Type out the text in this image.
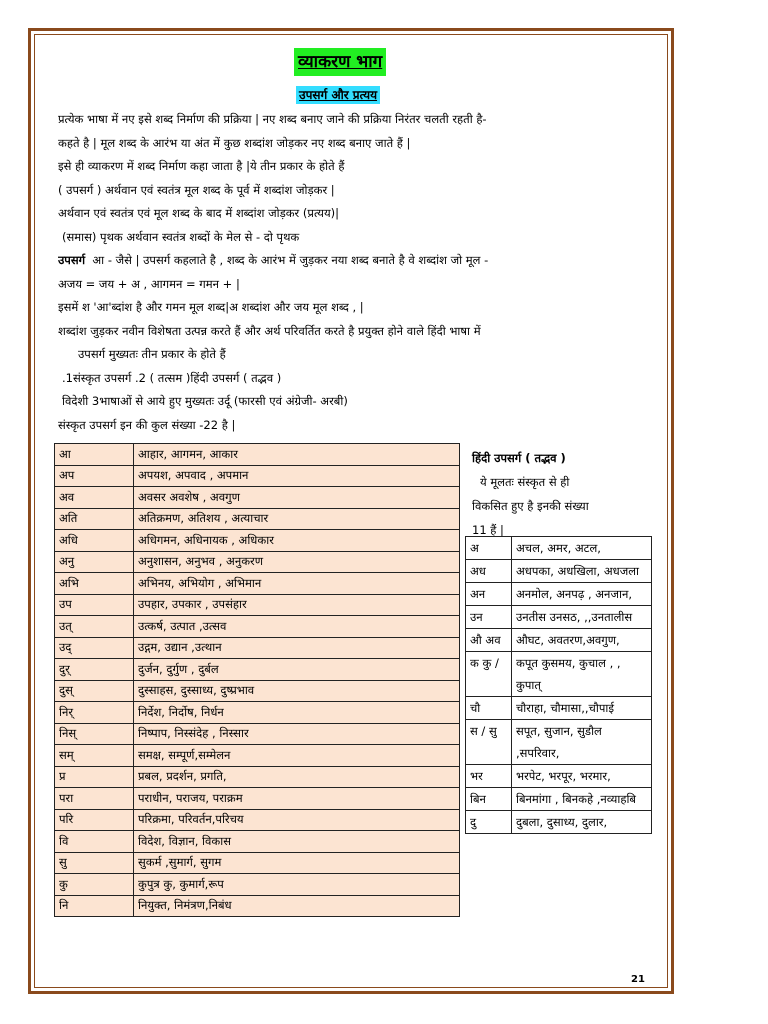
व्याकरण भाग
उपसर्ग और प्रत्यय
प्रत्येक भाषा में नए इसे शब्द निर्माण की प्रक्रिया | नए शब्द बनाए जाने की प्रक्रिया निरंतर चलती रहती है-
कहते है | मूल शब्द के आरंभ या अंत में कुछ शब्दांश जोड़कर नए शब्द बनाए जाते हैं |
इसे ही व्याकरण में शब्द निर्माण कहा जाता है |ये तीन प्रकार के होते हैं
( उपसर्ग ) अर्थवान एवं स्वतंत्र मूल शब्द के पूर्व में शब्दांश जोड़कर |
अर्थवान एवं स्वतंत्र एवं मूल शब्द के बाद में शब्दांश जोड़कर (प्रत्यय)|
(समास) पृथक अर्थवान स्वतंत्र शब्दों के मेल से - दो पृथक
उपसर्ग आ - जैसे | उपसर्ग कहलाते है , शब्द के आरंभ में जुड़कर नया शब्द बनाते है वे शब्दांश जो मूल -
अजय = जय + अ , आगमन = गमन + |
इसमें श 'आ'ब्दांश है और गमन मूल शब्द|अ शब्दांश और जय मूल शब्द , |
शब्दांश जुड़कर नवीन विशेषता उत्पन्न करते हैं और अर्थ परिवर्तित करते है प्रयुक्त होने वाले हिंदी भाषा में
उपसर्ग मुख्यतः तीन प्रकार के होते हैं
.1संस्कृत उपसर्ग .2 ( तत्सम )हिंदी उपसर्ग ( तद्भव )
विदेशी 3भाषाओं से आये हुए मुख्यतः उर्दू (फारसी एवं अंग्रेजी- अरबी)
संस्कृत उपसर्ग इन की कुल संख्या -22 है |
आ	आहार, आगमन, आकार
अप	अपयश, अपवाद , अपमान
अव	अवसर अवशेष , अवगुण
अति	अतिक्रमण, अतिशय , अत्याचार
अधि	अधिगमन, अधिनायक , अधिकार
अनु	अनुशासन, अनुभव , अनुकरण
अभि	अभिनय, अभियोग , अभिमान
उप	उपहार, उपकार , उपसंहार
उत्	उत्कर्ष, उत्पात ,उत्सव
उद्	उद्गम, उद्यान ,उत्थान
दुर्	दुर्जन, दुर्गुण , दुर्बल
दुस्	दुस्साहस, दुस्साध्य, दुष्प्रभाव
निर्	निर्देश, निर्दोष, निर्धन
निस्	निष्पाप, निस्संदेह , निस्सार
सम्	समक्ष, सम्पूर्ण,सम्मेलन
प्र	प्रबल, प्रदर्शन, प्रगति,
परा	पराधीन, पराजय, पराक्रम
परि	परिक्रमा, परिवर्तन,परिचय
वि	विदेश, विज्ञान, विकास
सु	सुकर्म ,सुमार्ग, सुगम
कु	कुपुत्र कु, कुमार्ग,रूप
नि	नियुक्त, निमंत्रण,निबंध
हिंदी उपसर्ग ( तद्भव )
ये मूलतः संस्कृत से ही
विकसित हुए है इनकी संख्या
11 हैं |
अ	अचल, अमर, अटल,
अध	अधपका, अधखिला, अधजला
अन	अनमोल, अनपढ़ , अनजान,
उन	उनतीस उनसठ, ,,उनतालीस
औ अव	औघट, अवतरण,अवगुण,
क कु /	कपूत कुसमय, कुचाल , , कुपात्
चौ	चौराहा, चौमासा,,चौपाई
स / सु	सपूत, सुजान, सुडौल ,सपरिवार,
भर	भरपेट, भरपूर, भरमार,
बिन	बिनमांगा , बिनकहे ,नव्याहबि
दु	दुबला, दुसाध्य, दुलार,
21
